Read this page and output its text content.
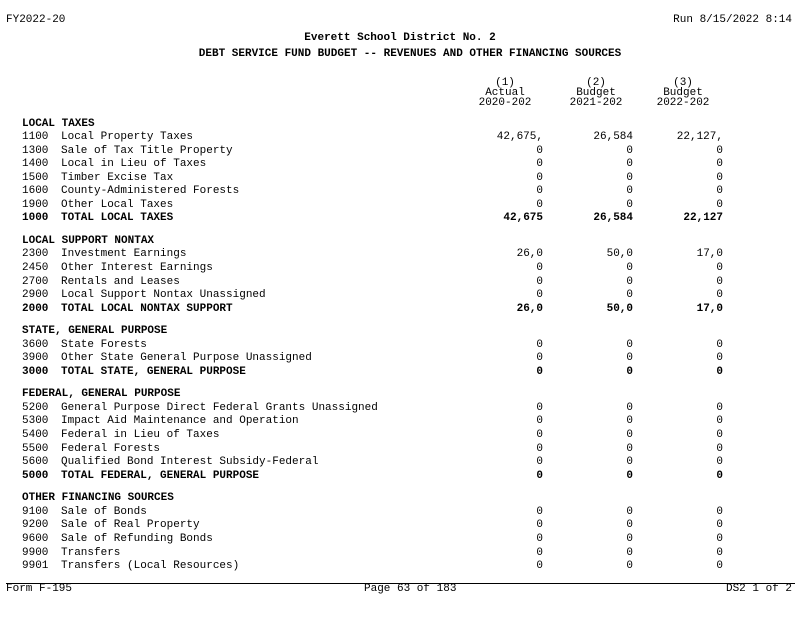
FY2022-20	Run 8/15/2022 8:14
Everett School District No. 2
DEBT SERVICE FUND BUDGET -- REVENUES AND OTHER FINANCING SOURCES
(1)
Actual
2020-202
(2)
Budget
2021-202
(3)
Budget
2022-202
LOCAL TAXES
1100 Local Property Taxes	42,675,	26,584	22,127,
1300 Sale of Tax Title Property	0	0	0
1400 Local in Lieu of Taxes	0	0	0
1500 Timber Excise Tax	0	0	0
1600 County-Administered Forests	0	0	0
1900 Other Local Taxes	0	0	0
1000 TOTAL LOCAL TAXES	42,675	26,584	22,127
LOCAL SUPPORT NONTAX
2300 Investment Earnings	26,0	50,0	17,0
2450 Other Interest Earnings	0	0	0
2700 Rentals and Leases	0	0	0
2900 Local Support Nontax Unassigned	0	0	0
2000 TOTAL LOCAL NONTAX SUPPORT	26,0	50,0	17,0
STATE, GENERAL PURPOSE
3600 State Forests	0	0	0
3900 Other State General Purpose Unassigned	0	0	0
3000 TOTAL STATE, GENERAL PURPOSE	0	0	0
FEDERAL, GENERAL PURPOSE
5200 General Purpose Direct Federal Grants Unassigned	0	0	0
5300 Impact Aid Maintenance and Operation	0	0	0
5400 Federal in Lieu of Taxes	0	0	0
5500 Federal Forests	0	0	0
5600 Qualified Bond Interest Subsidy-Federal	0	0	0
5000 TOTAL FEDERAL, GENERAL PURPOSE	0	0	0
OTHER FINANCING SOURCES
9100 Sale of Bonds	0	0	0
9200 Sale of Real Property	0	0	0
9600 Sale of Refunding Bonds	0	0	0
9900 Transfers	0	0	0
9901 Transfers (Local Resources)	0	0	0
Form F-195	Page 63 of 183	DS2 1 of 2
